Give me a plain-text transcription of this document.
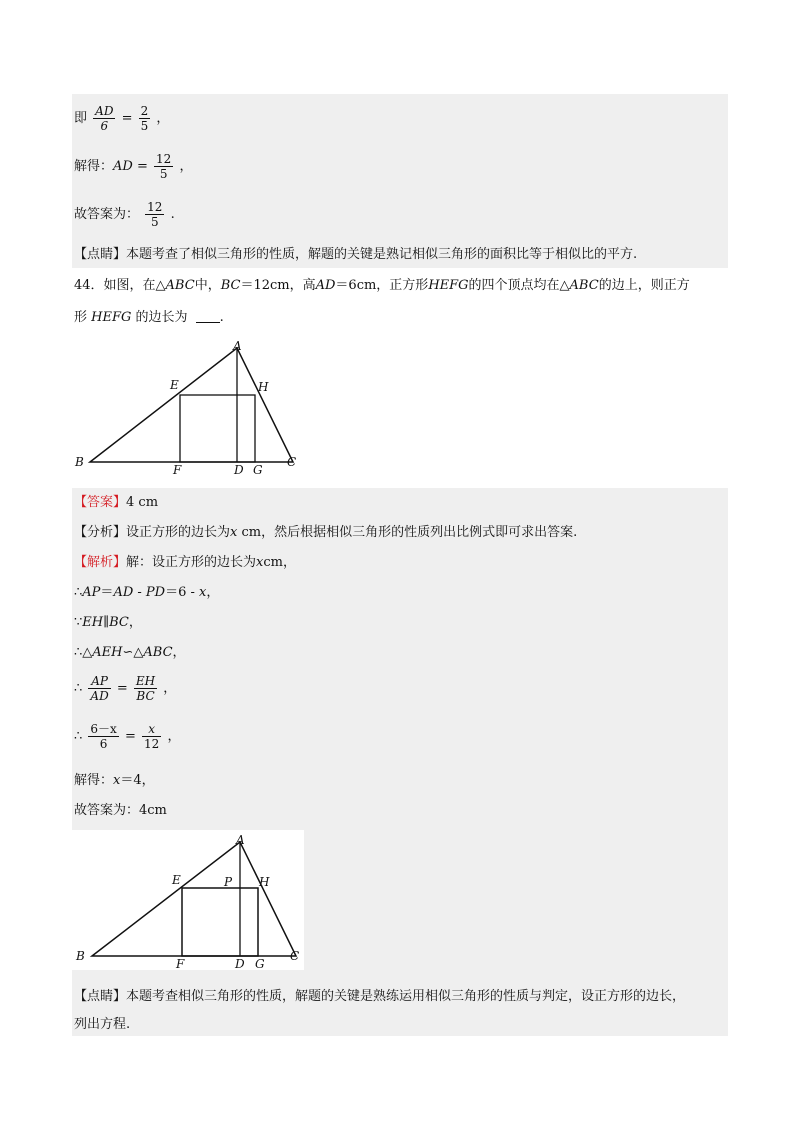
即 $\frac{AD}{6} = \frac{2}{5}$ ，
解得：AD = $\frac{12}{5}$ ，
故答案为： $\frac{12}{5}$ .
【点睛】本题考查了相似三角形的性质，解题的关键是熟记相似三角形的面积比等于相似比的平方.
44．如图，在△ABC中，BC＝12cm，高AD＝6cm，正方形HEFG的四个顶点均在△ABC的边上，则正方
形 HEFG 的边长为 .
A
B	C
D
E
F	G
H
【答案】4 cm
【分析】设正方形的边长为x cm，然后根据相似三角形的性质列出比例式即可求出答案.
【解析】解：设正方形的边长为xcm，
∴AP＝AD - PD＝6 - x，
∵EH∥BC，
∴△AEH∽△ABC，
∴ $\frac{AP}{AD} = \frac{EH}{BC}$ ，
∴ $\frac{6-x}{6} = \frac{x}{12}$ ，
解得：x＝4，
故答案为：4cm
A
B	C
D
E
F	G
H
P
【点睛】本题考查相似三角形的性质，解题的关键是熟练运用相似三角形的性质与判定，设正方形的边长，
列出方程.
